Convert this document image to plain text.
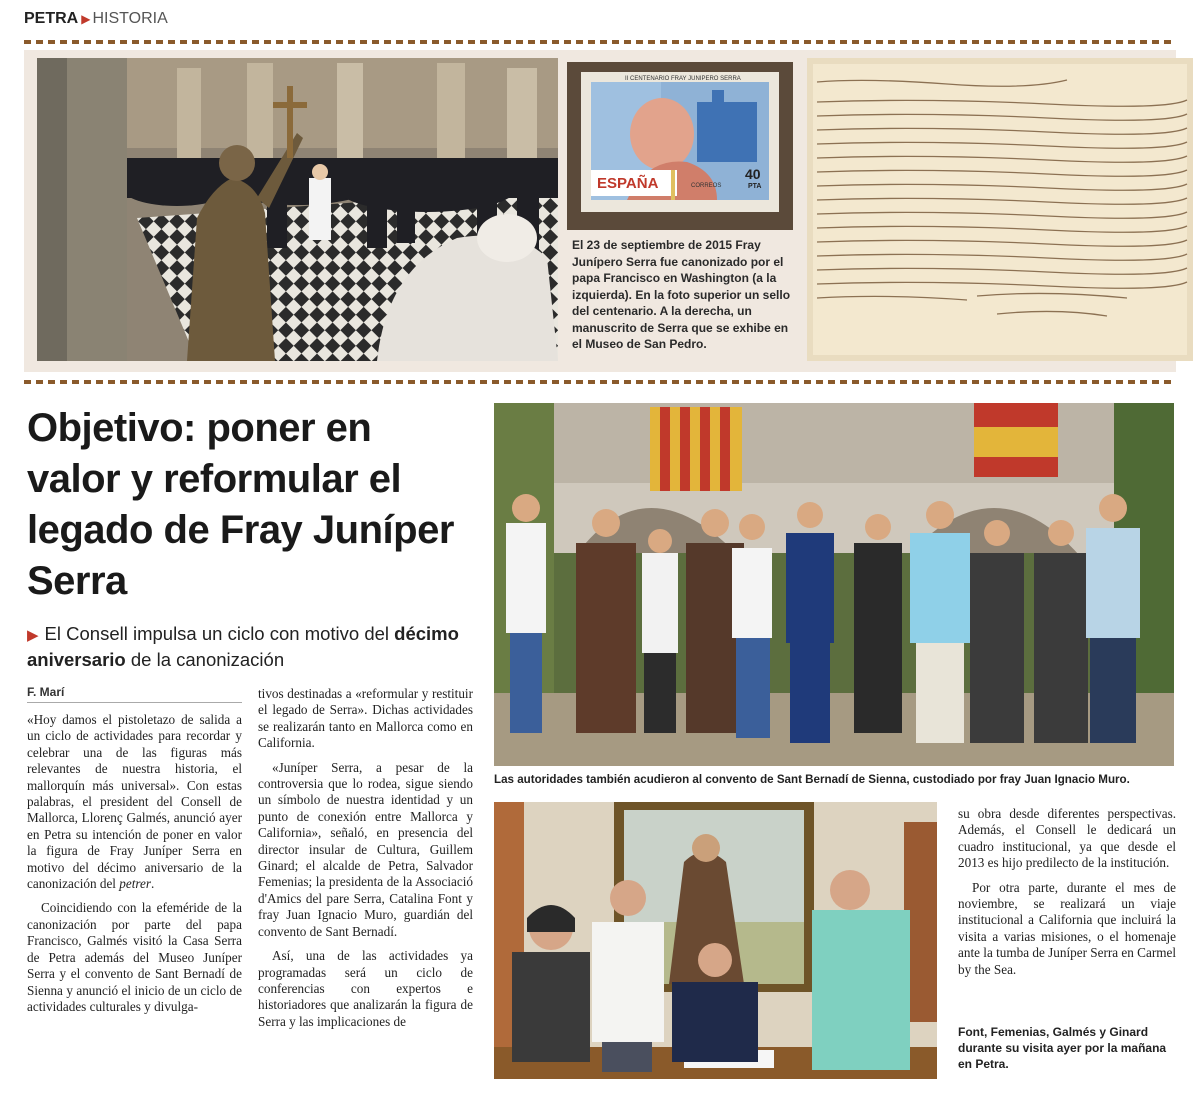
PETRA ▶ HISTORIA
II CENTENARIO FRAY JUNIPERO SERRA
ESPAÑA	CORREOS
40
PTA
El 23 de septiembre de 2015 Fray Junípero Serra fue canonizado por el papa Francisco en Washington (a la izquierda). En la foto superior un sello del centenario. A la derecha, un manuscrito de Serra que se exhibe en el Museo de San Pedro.
Objetivo: poner en valor y reformular el legado de Fray Juníper Serra
▶ El Consell impulsa un ciclo con motivo del décimo aniversario de la canonización
F. Marí

«Hoy damos el pistoletazo de salida a un ciclo de actividades para recordar y celebrar una de las figuras más relevantes de nuestra historia, el mallorquín más universal». Con estas palabras, el president del Consell de Mallorca, Llorenç Galmés, anunció ayer en Petra su intención de poner en valor la figura de Fray Juníper Serra en motivo del décimo aniversario de la canonización del petrer.

Coincidiendo con la efeméride de la canonización por parte del papa Francisco, Galmés visitó la Casa Serra de Petra además del Museo Juníper Serra y el convento de Sant Bernadí de Sienna y anunció el inicio de un ciclo de actividades culturales y divulga-

tivos destinadas a «reformular y restituir el legado de Serra». Dichas actividades se realizarán tanto en Mallorca como en California.

«Juníper Serra, a pesar de la controversia que lo rodea, sigue siendo un símbolo de nuestra identidad y un punto de conexión entre Mallorca y California», señaló, en presencia del director insular de Cultura, Guillem Ginard; el alcalde de Petra, Salvador Femenias; la presidenta de la Associació d'Amics del pare Serra, Catalina Font y fray Juan Ignacio Muro, guardián del convento de Sant Bernadí.

Así, una de las actividades ya programadas será un ciclo de conferencias con expertos e historiadores que analizarán la figura de Serra y las implicaciones de

Las autoridades también acudieron al convento de Sant Bernadí de Sienna, custodiado por fray Juan Ignacio Muro.

su obra desde diferentes perspectivas. Además, el Consell le dedicará un cuadro institucional, ya que desde el 2013 es hijo predilecto de la institución.

Por otra parte, durante el mes de noviembre, se realizará un viaje institucional a California que incluirá la visita a varias misiones, o el homenaje ante la tumba de Juníper Serra en Carmel by the Sea.

Font, Femenias, Galmés y Ginard durante su visita ayer por la mañana en Petra.
